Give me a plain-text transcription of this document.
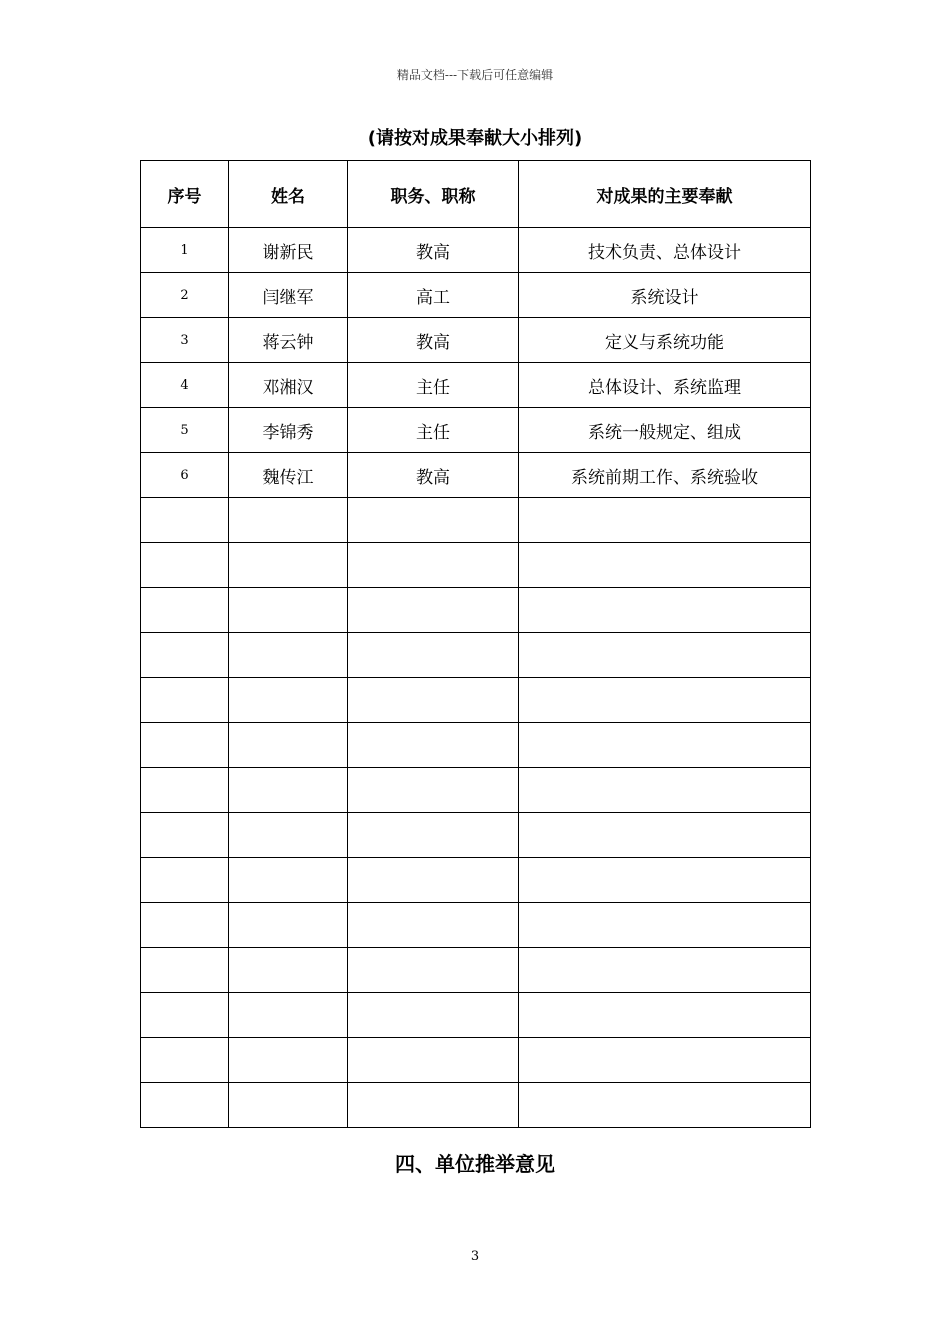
精品文档---下载后可任意编辑
(请按对成果奉献大小排列)
序号	姓名	职务、职称	对成果的主要奉献
1	谢新民	教高	技术负责、总体设计
2	闫继军	高工	系统设计
3	蒋云钟	教高	定义与系统功能
4	邓湘汉	主任	总体设计、系统监理
5	李锦秀	主任	系统一般规定、组成
6	魏传江	教高	系统前期工作、系统验收

四、单位推举意见
3
